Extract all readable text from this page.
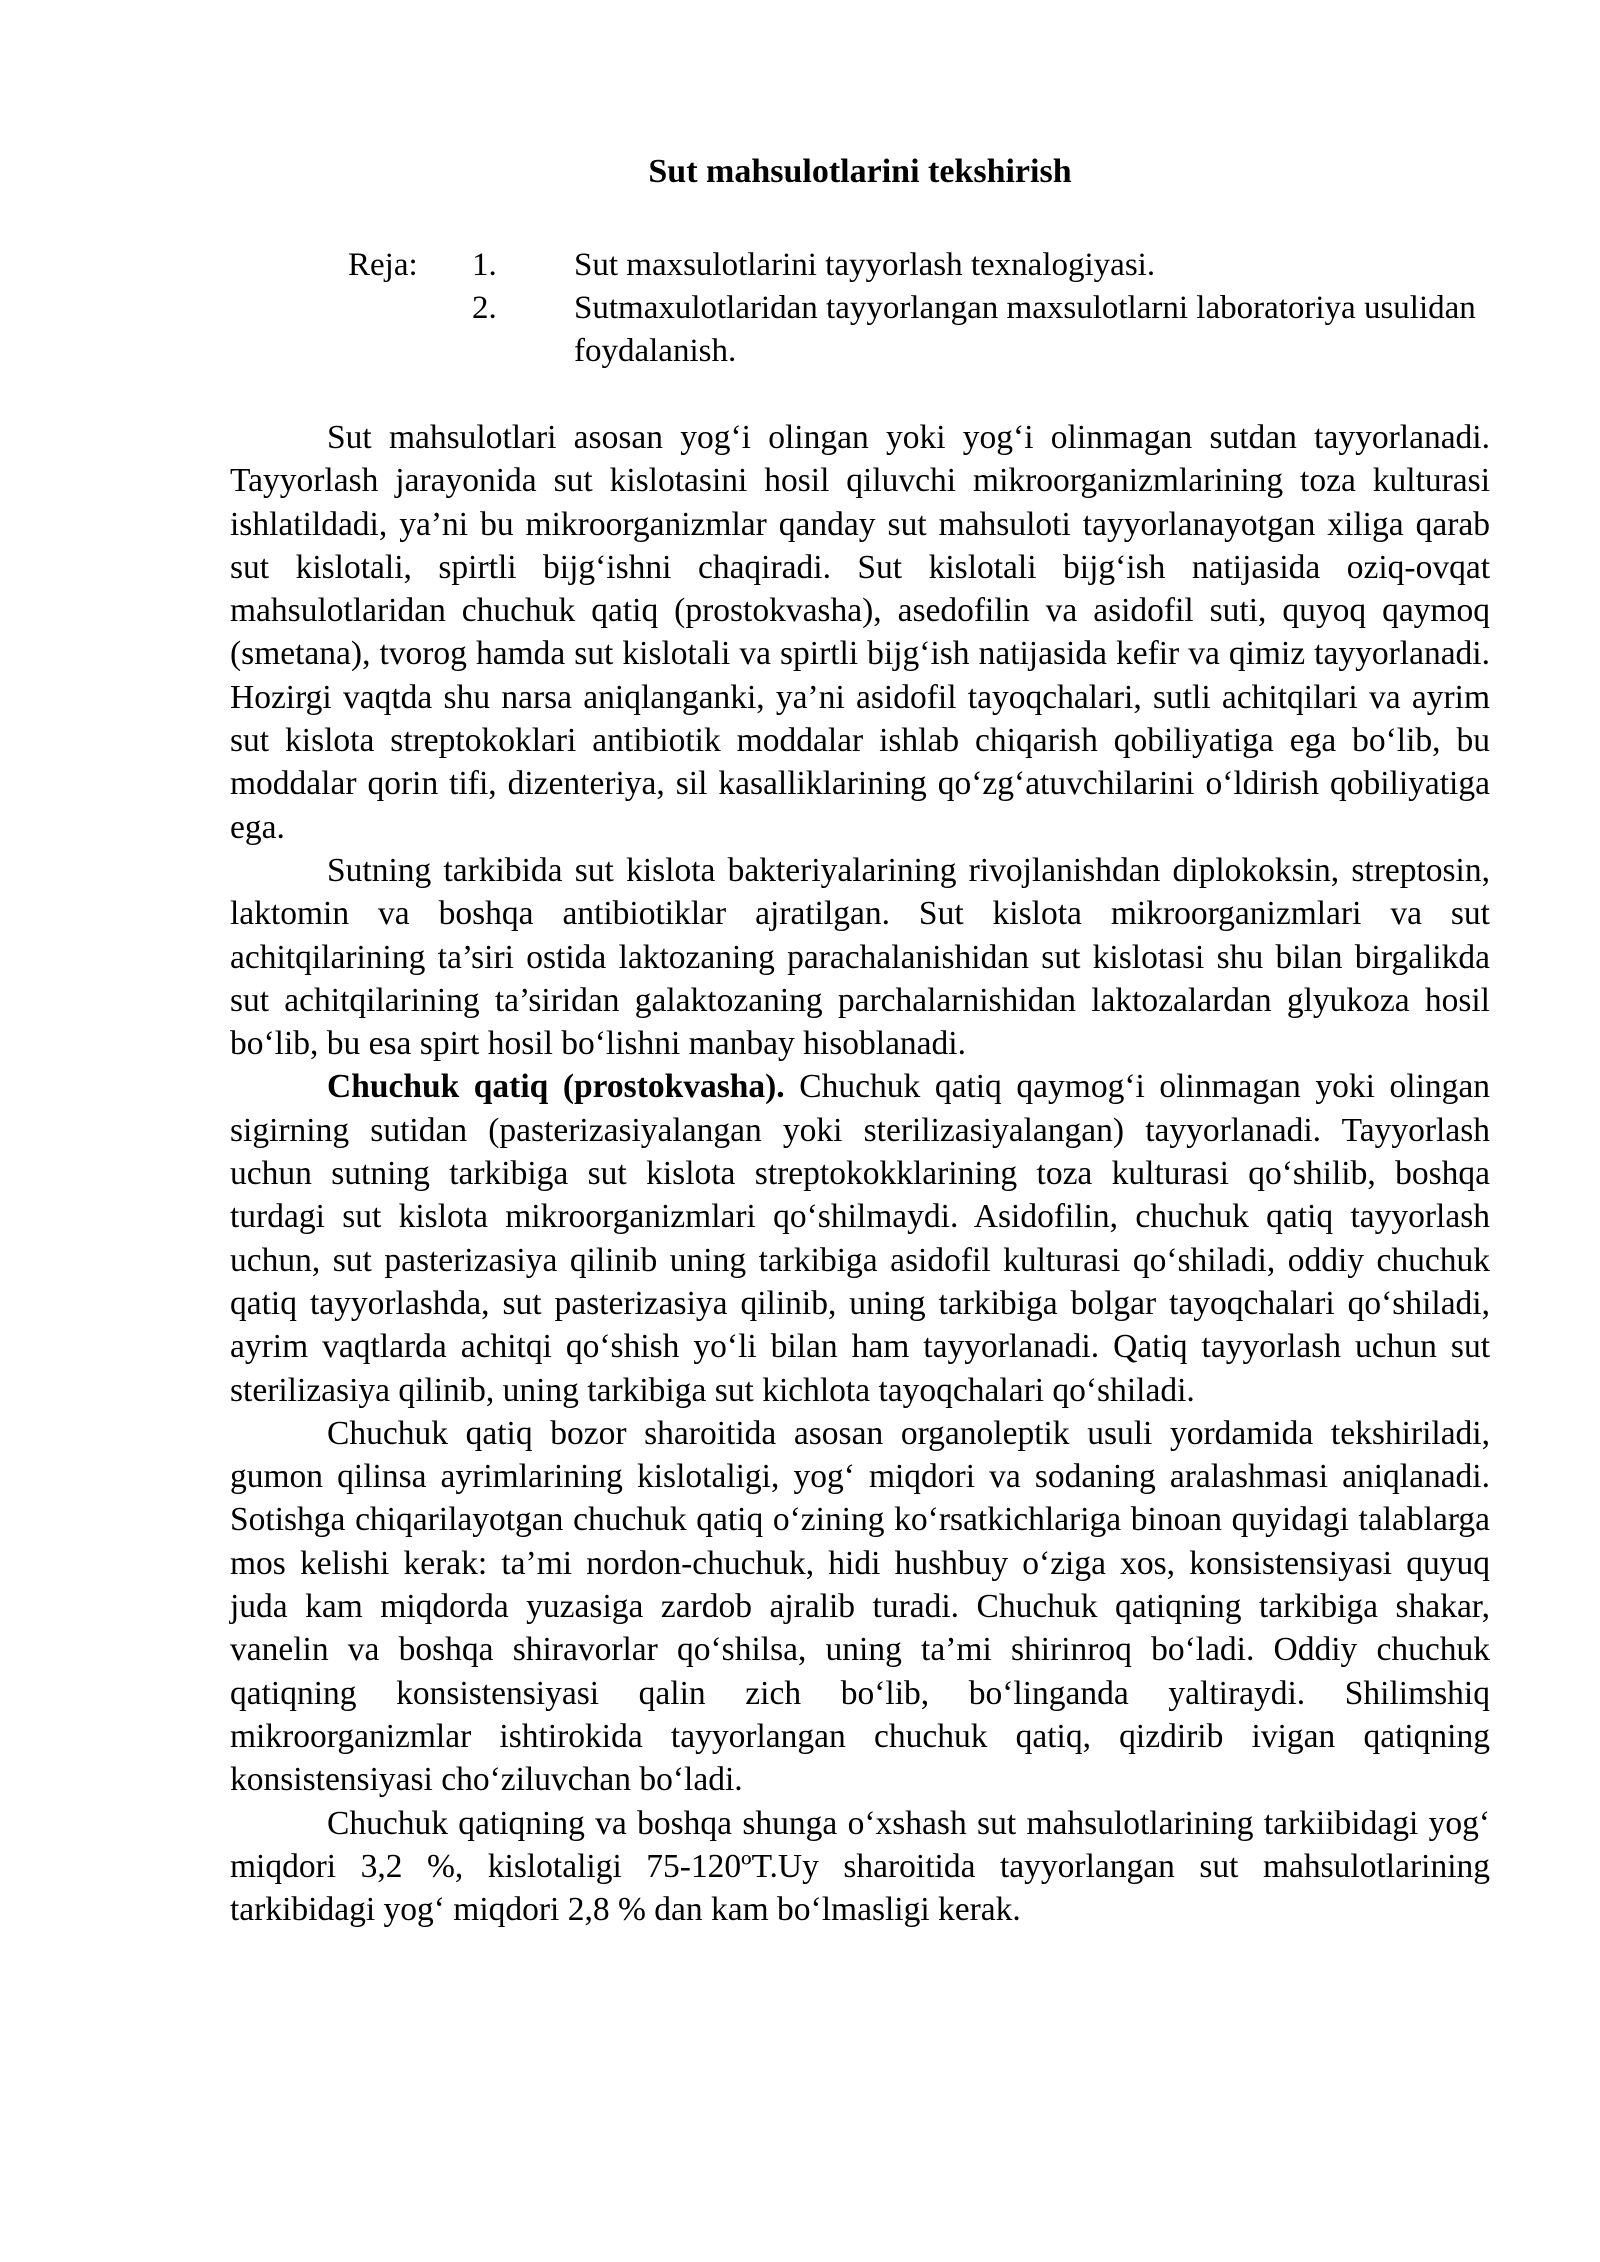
Sut mahsulotlarini tekshirish
Reja:	1.	Sut maxsulotlarini tayyorlash texnalogiyasi.
2.	Sutmaxulotlaridan tayyorlangan maxsulotlarni laboratoriya usulidan foydalanish.

Sut mahsulotlari asosan yog‘i olingan yoki yog‘i olinmagan sutdan tayyorlanadi. Tayyorlash jarayonida sut kislotasini hosil qiluvchi mikroorganizmlarining toza kulturasi ishlatildadi, ya’ni bu mikroorganizmlar qanday sut mahsuloti tayyorlanayotgan xiliga qarab sut kislotali, spirtli bijg‘ishni chaqiradi. Sut kislotali bijg‘ish natijasida oziq-ovqat mahsulotlaridan chuchuk qatiq (prostokvasha), asedofilin va asidofil suti, quyoq qaymoq (smetana), tvorog hamda sut kislotali va spirtli bijg‘ish natijasida kefir va qimiz tayyorlanadi. Hozirgi vaqtda shu narsa aniqlanganki, ya’ni asidofil tayoqchalari, sutli achitqilari va ayrim sut kislota streptokoklari antibiotik moddalar ishlab chiqarish qobiliyatiga ega bo‘lib, bu moddalar qorin tifi, dizenteriya, sil kasalliklarining qo‘zg‘atuvchilarini o‘ldirish qobiliyatiga ega.

Sutning tarkibida sut kislota bakteriyalarining rivojlanishdan diplokoksin, streptosin, laktomin va boshqa antibiotiklar ajratilgan. Sut kislota mikroorganizmlari va sut achitqilarining ta’siri ostida laktozaning parachalanishidan sut kislotasi shu bilan birgalikda sut achitqilarining ta’siridan galaktozaning parchalarnishidan laktozalardan glyukoza hosil bo‘lib, bu esa spirt hosil bo‘lishni manbay hisoblanadi.

Chuchuk qatiq (prostokvasha). Chuchuk qatiq qaymog‘i olinmagan yoki olingan sigirning sutidan (pasterizasiyalangan yoki sterilizasiyalangan) tayyorlanadi. Tayyorlash uchun sutning tarkibiga sut kislota streptokokklarining toza kulturasi qo‘shilib, boshqa turdagi sut kislota mikroorganizmlari qo‘shilmaydi. Asidofilin, chuchuk qatiq tayyorlash uchun, sut pasterizasiya qilinib uning tarkibiga asidofil kulturasi qo‘shiladi, oddiy chuchuk qatiq tayyorlashda, sut pasterizasiya qilinib, uning tarkibiga bolgar tayoqchalari qo‘shiladi, ayrim vaqtlarda achitqi qo‘shish yo‘li bilan ham tayyorlanadi. Qatiq tayyorlash uchun sut sterilizasiya qilinib, uning tarkibiga sut kichlota tayoqchalari qo‘shiladi.

Chuchuk qatiq bozor sharoitida asosan organoleptik usuli yordamida tekshiriladi, gumon qilinsa ayrimlarining kislotaligi, yog‘ miqdori va sodaning aralashmasi aniqlanadi. Sotishga chiqarilayotgan chuchuk qatiq o‘zining ko‘rsatkichlariga binoan quyidagi talablarga mos kelishi kerak: ta’mi nordon-chuchuk, hidi hushbuy o‘ziga xos, konsistensiyasi quyuq juda kam miqdorda yuzasiga zardob ajralib turadi. Chuchuk qatiqning tarkibiga shakar, vanelin va boshqa shiravorlar qo‘shilsa, uning ta’mi shirinroq bo‘ladi. Oddiy chuchuk qatiqning konsistensiyasi qalin zich bo‘lib, bo‘linganda yaltiraydi. Shilimshiq mikroorganizmlar ishtirokida tayyorlangan chuchuk qatiq, qizdirib ivigan qatiqning konsistensiyasi cho‘ziluvchan bo‘ladi.

Chuchuk qatiqning va boshqa shunga o‘xshash sut mahsulotlarining tarkiibidagi yog‘ miqdori 3,2 %, kislotaligi 75-120ºT.Uy sharoitida tayyorlangan sut mahsulotlarining tarkibidagi yog‘ miqdori 2,8 % dan kam bo‘lmasligi kerak.
